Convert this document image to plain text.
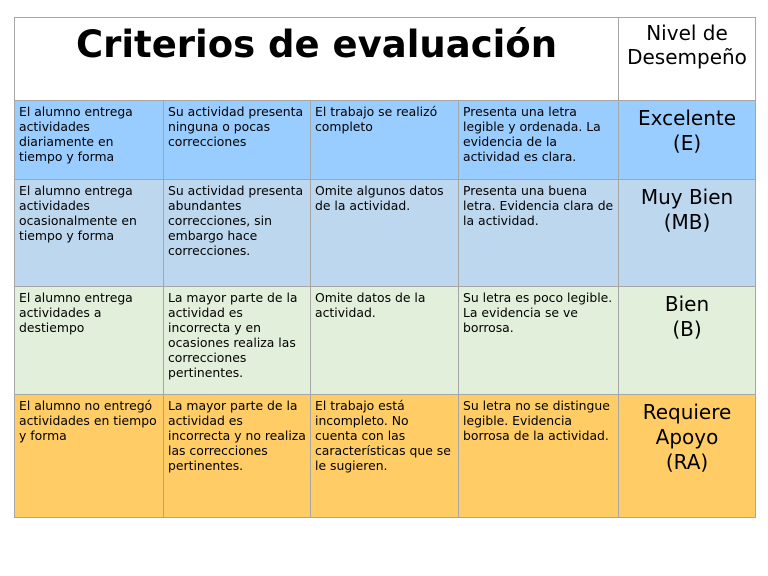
Criterios de evaluación				Nivel de Desempeño
El alumno entrega actividades diariamente en tiempo y forma	Su actividad presenta ninguna o pocas correcciones	El trabajo se realizó completo	Presenta una letra legible y ordenada. La evidencia de la actividad es clara.	Excelente
(E)

El alumno entrega actividades ocasionalmente en tiempo y forma	Su actividad presenta abundantes correcciones, sin embargo hace correcciones.	Omite algunos datos de la actividad.	Presenta una buena letra. Evidencia clara de la actividad.	Muy Bien
(MB)

El alumno entrega actividades a destiempo	La mayor parte de la actividad es incorrecta y en ocasiones realiza las correcciones pertinentes.	Omite datos de la actividad.	Su letra es poco legible. La evidencia se ve borrosa.	Bien
(B)

El alumno no entregó actividades en tiempo y forma	La mayor parte de la actividad es incorrecta y no realiza las correcciones pertinentes.	El trabajo está incompleto. No cuenta con las características que se le sugieren.	Su letra no se distingue legible. Evidencia borrosa de la actividad.	Requiere Apoyo
(RA)
